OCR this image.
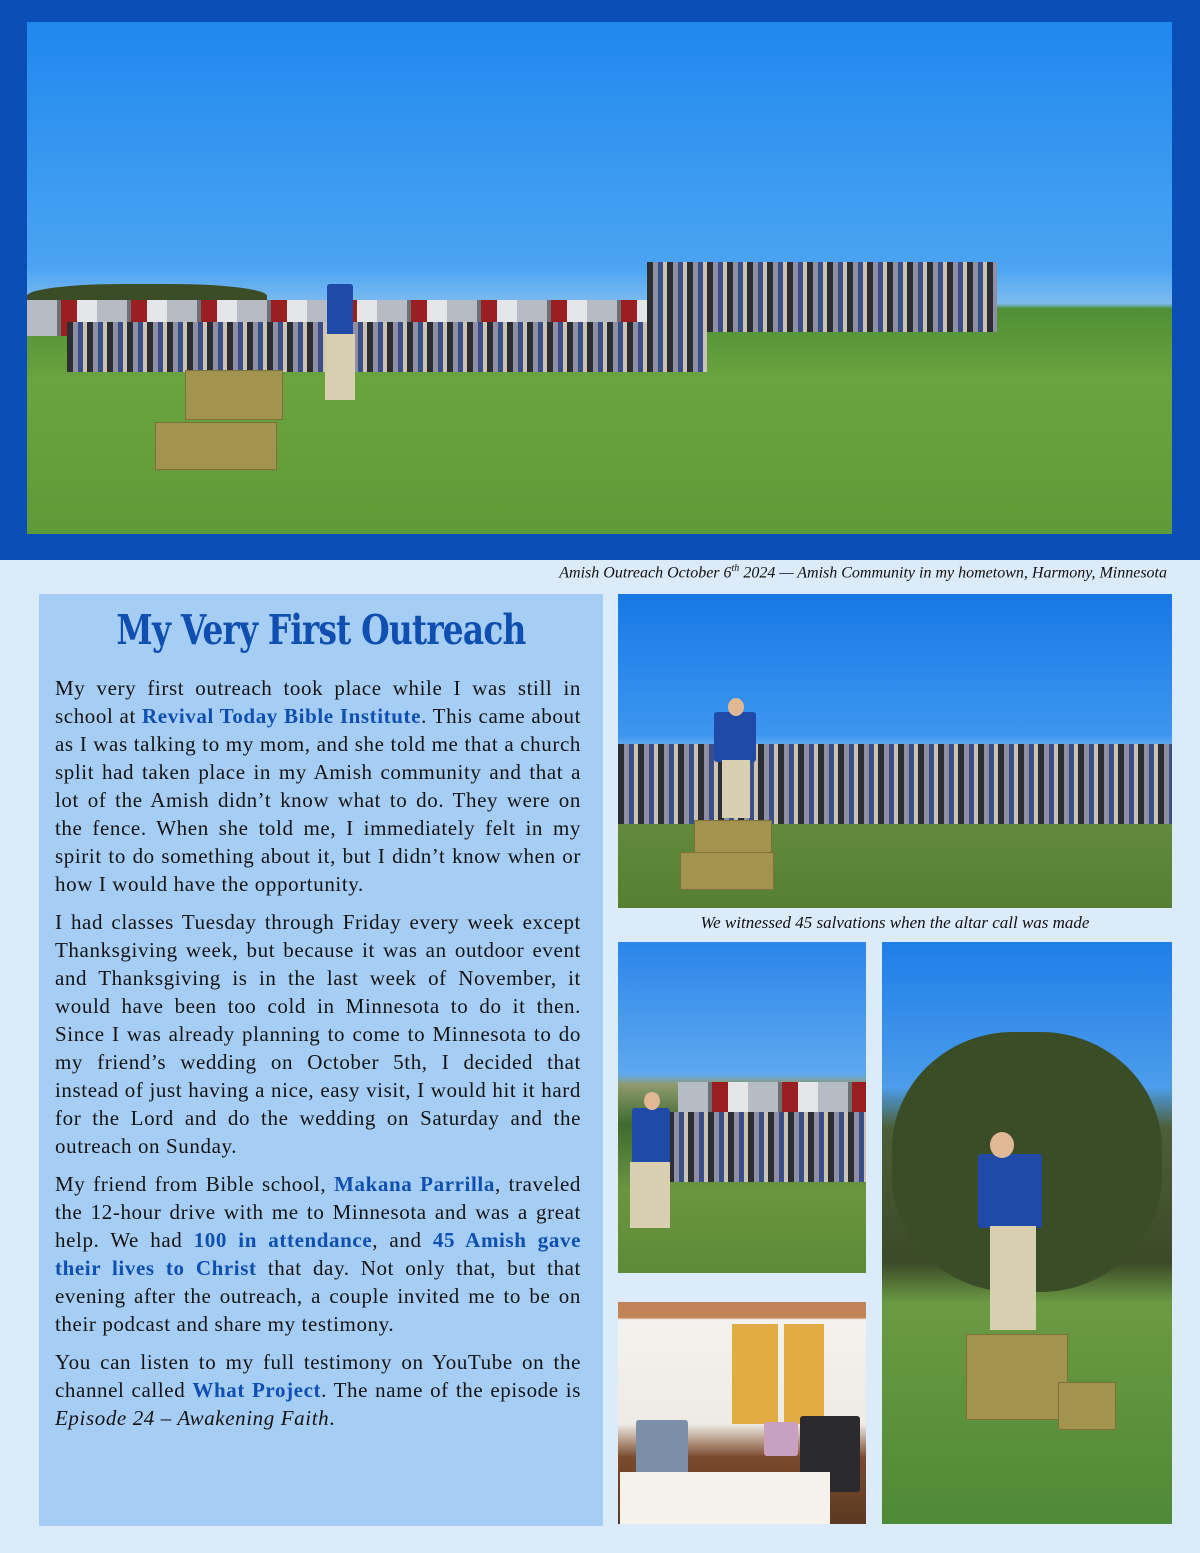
Amish Outreach October 6th 2024 — Amish Community in my hometown, Harmony, Minnesota
My Very First Outreach

My very first outreach took place while I was still in school at Revival Today Bible Institute. This came about as I was talking to my mom, and she told me that a church split had taken place in my Amish community and that a lot of the Amish didn’t know what to do. They were on the fence. When she told me, I immediately felt in my spirit to do something about it, but I didn’t know when or how I would have the opportunity.

I had classes Tuesday through Friday every week except Thanksgiving week, but because it was an outdoor event and Thanksgiving is in the last week of November, it would have been too cold in Minnesota to do it then. Since I was already planning to come to Minnesota to do my friend’s wedding on October 5th, I decided that instead of just having a nice, easy visit, I would hit it hard for the Lord and do the wedding on Saturday and the outreach on Sunday.

My friend from Bible school, Makana Parrilla, traveled the 12-hour drive with me to Minnesota and was a great help. We had 100 in attendance, and 45 Amish gave their lives to Christ that day. Not only that, but that evening after the outreach, a couple invited me to be on their podcast and share my testimony.

You can listen to my full testimony on YouTube on the channel called What Project. The name of the episode is Episode 24 – Awakening Faith.

We witnessed 45 salvations when the altar call was made
